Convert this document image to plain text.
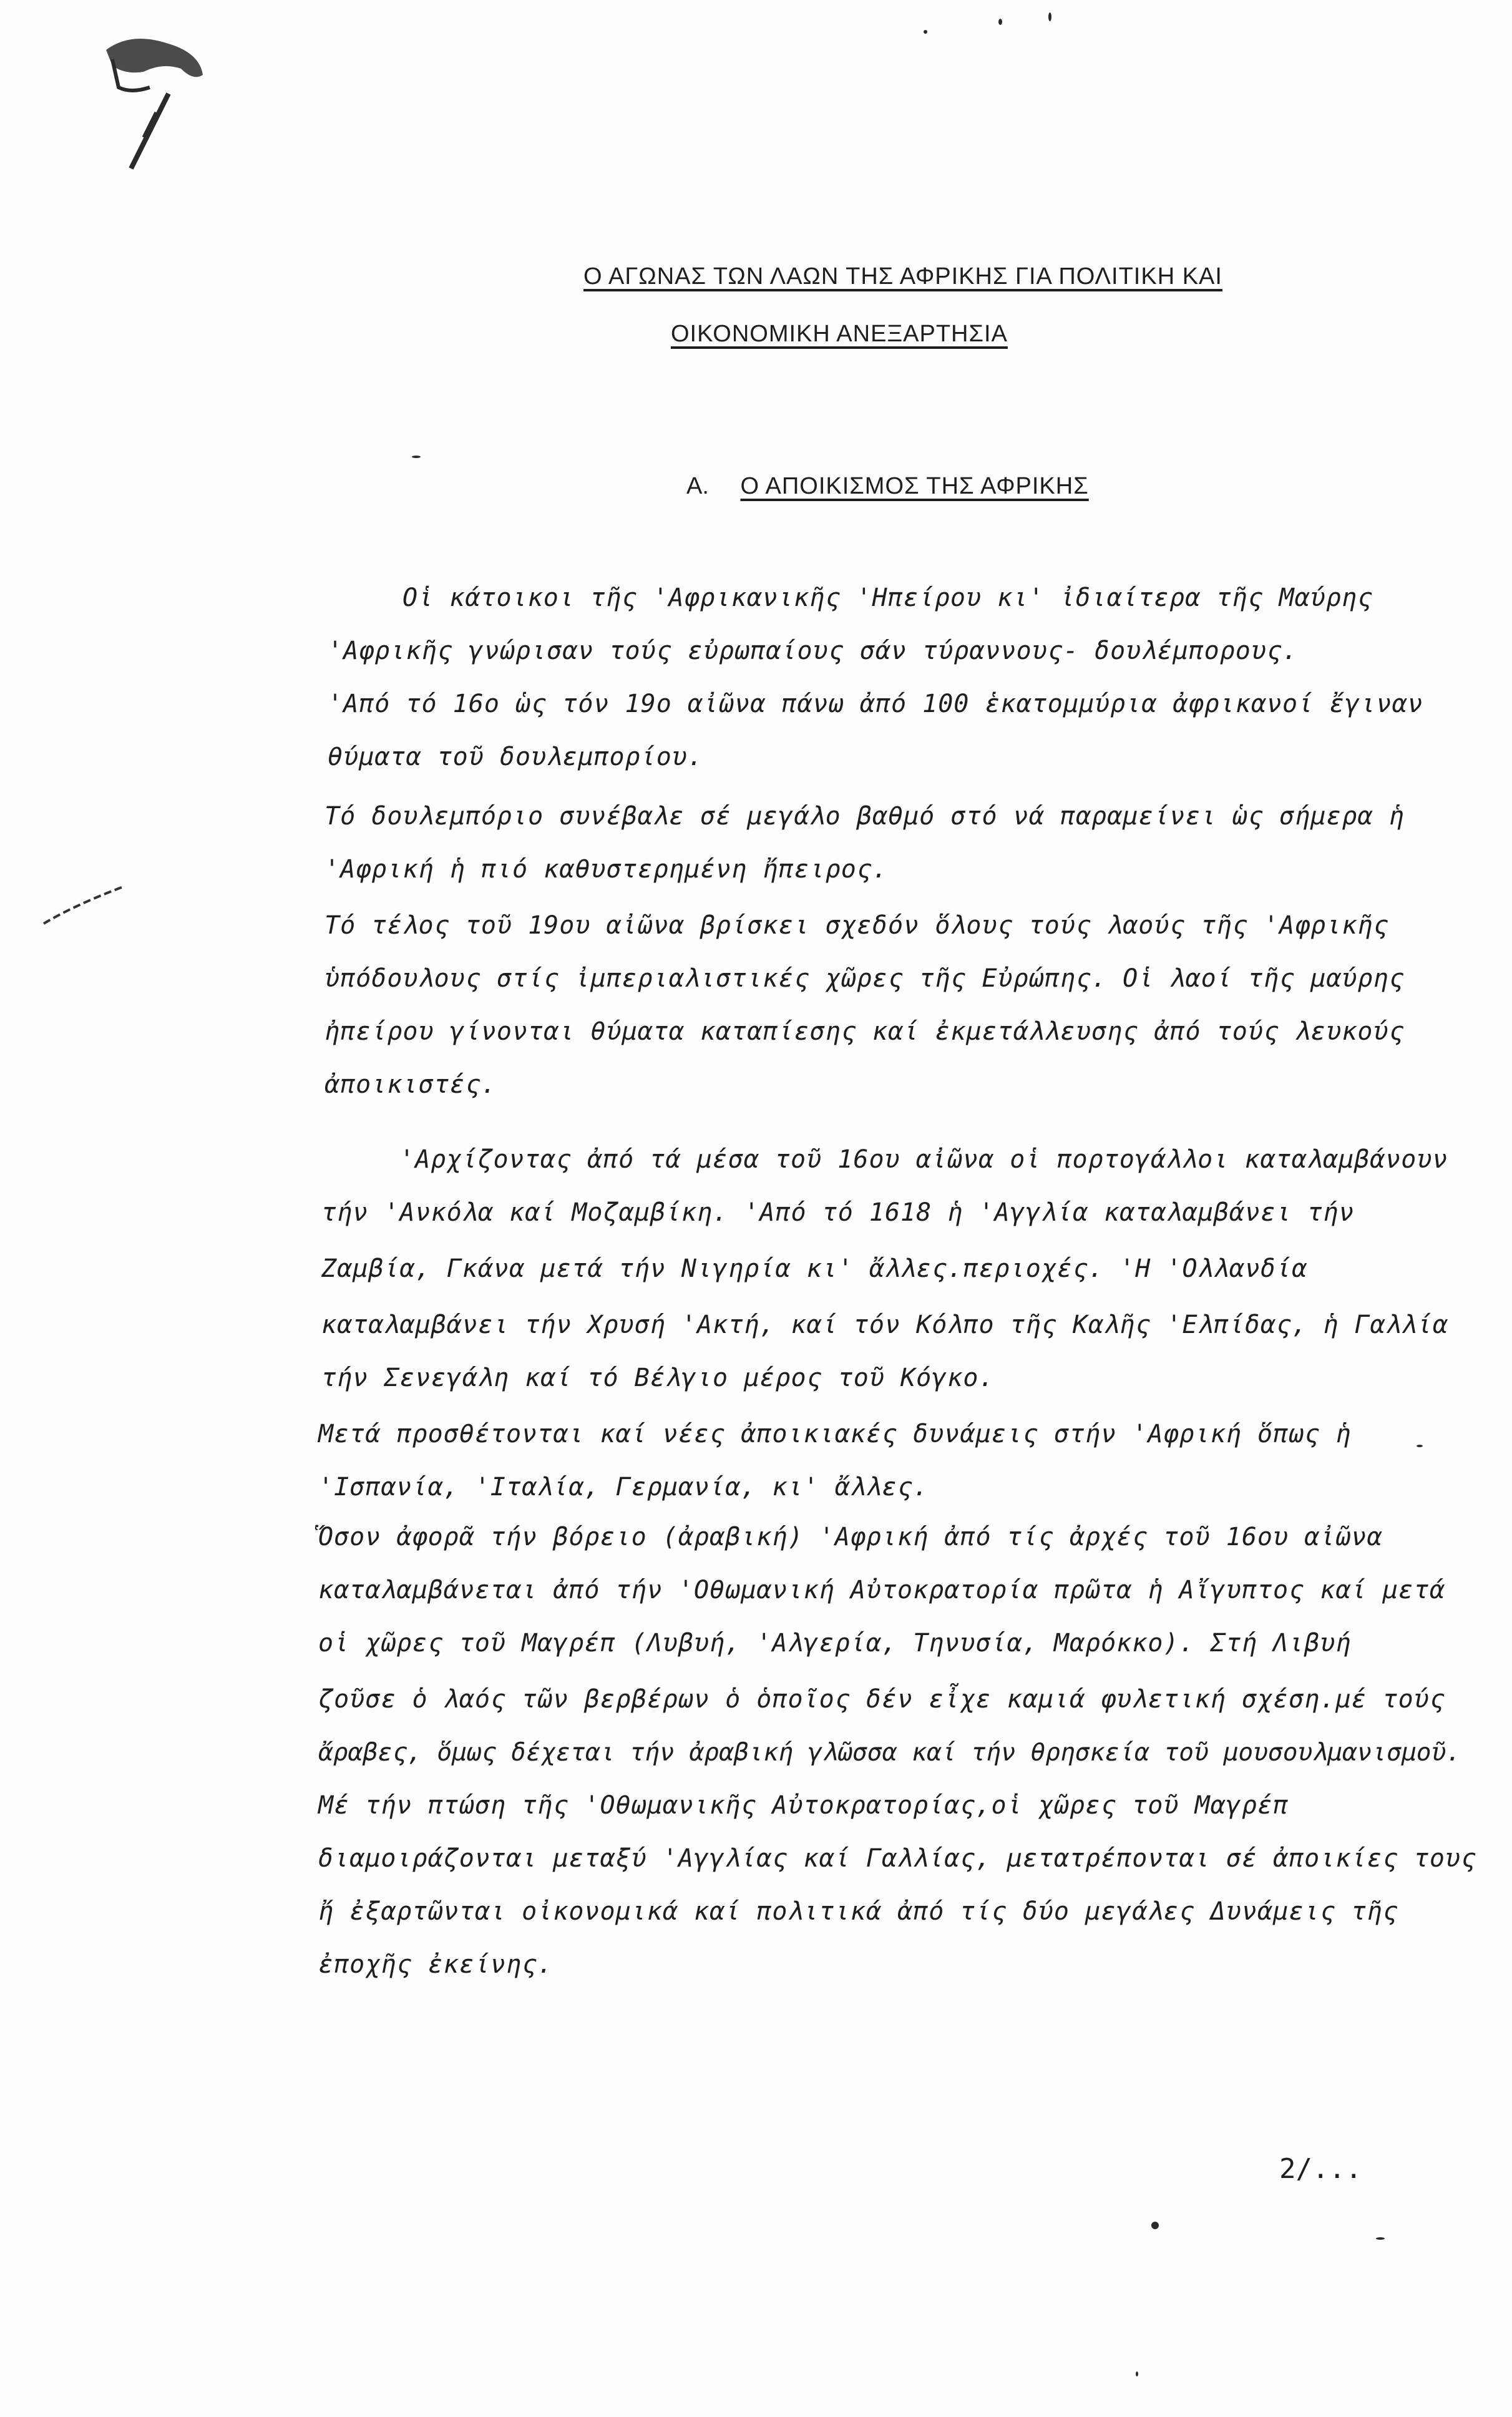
Ο ΑΓΩΝΑΣ ΤΩΝ ΛΑΩΝ ΤΗΣ ΑΦΡΙΚΗΣ ΓΙΑ ΠΟΛΙΤΙΚΗ ΚΑΙ
ΟΙΚΟΝΟΜΙΚΗ ΑΝΕΞΑΡΤΗΣΙΑ
Α. Ο ΑΠΟΙΚΙΣΜΟΣ ΤΗΣ ΑΦΡΙΚΗΣ
Οἱ κάτοικοι τῆς 'Αφρικανικῆς 'Ηπείρου κι' ἰδιαίτερα τῆς Μαύρης
'Αφρικῆς γνώρισαν τούς εὐρωπαίους σάν τύραννους- δουλέμπορους.
'Από τό 16ο ὡς τόν 19ο αἰῶνα πάνω ἀπό 100 ἑκατομμύρια ἀφρικανοί ἔγιναν
θύματα τοῦ δουλεμπορίου.
Τό δουλεμπόριο συνέβαλε σέ μεγάλο βαθμό στό νά παραμείνει ὡς σήμερα ἡ
'Αφρική ἡ πιό καθυστερημένη ἤπειρος.
Τό τέλος τοῦ 19ου αἰῶνα βρίσκει σχεδόν ὅλους τούς λαούς τῆς 'Αφρικῆς
ὑπόδουλους στίς ἰμπεριαλιστικές χῶρες τῆς Εὐρώπης. Οἱ λαοί τῆς μαύρης
ἠπείρου γίνονται θύματα καταπίεσης καί ἐκμετάλλευσης ἀπό τούς λευκούς
ἀποικιστές.
'Αρχίζοντας ἀπό τά μέσα τοῦ 16ου αἰῶνα οἱ πορτογάλλοι καταλαμβάνουν
τήν 'Ανκόλα καί Μοζαμβίκη. 'Από τό 1618 ἡ 'Αγγλία καταλαμβάνει τήν
Ζαμβία, Γκάνα μετά τήν Νιγηρία κι' ἄλλες.περιοχές. 'Η 'Ολλανδία
καταλαμβάνει τήν Χρυσή 'Ακτή, καί τόν Κόλπο τῆς Καλῆς 'Ελπίδας, ἡ Γαλλία
τήν Σενεγάλη καί τό Βέλγιο μέρος τοῦ Κόγκο.
Μετά προσθέτονται καί νέες ἀποικιακές δυνάμεις στήν 'Αφρική ὅπως ἡ
'Ισπανία, 'Ιταλία, Γερμανία, κι' ἄλλες.
Ὅσον ἀφορᾶ τήν βόρειο (ἀραβική) 'Αφρική ἀπό τίς ἀρχές τοῦ 16ου αἰῶνα
καταλαμβάνεται ἀπό τήν 'Οθωμανική Αὐτοκρατορία πρῶτα ἡ Αἴγυπτος καί μετά
οἱ χῶρες τοῦ Μαγρέπ (Λυβυή, 'Αλγερία, Τηνυσία, Μαρόκκο). Στή Λιβυή
ζοῦσε ὁ λαός τῶν βερβέρων ὁ ὁποῖος δέν εἶχε καμιά φυλετική σχέση.μέ τούς
ἄραβες, ὅμως δέχεται τήν ἀραβική γλῶσσα καί τήν θρησκεία τοῦ μουσουλμανισμοῦ.
Μέ τήν πτώση τῆς 'Οθωμανικῆς Αὐτοκρατορίας,οἱ χῶρες τοῦ Μαγρέπ
διαμοιράζονται μεταξύ 'Αγγλίας καί Γαλλίας, μετατρέπονται σέ ἀποικίες τους
ἤ ἐξαρτῶνται οἰκονομικά καί πολιτικά ἀπό τίς δύο μεγάλες Δυνάμεις τῆς
ἐποχῆς ἐκείνης.
2/...
